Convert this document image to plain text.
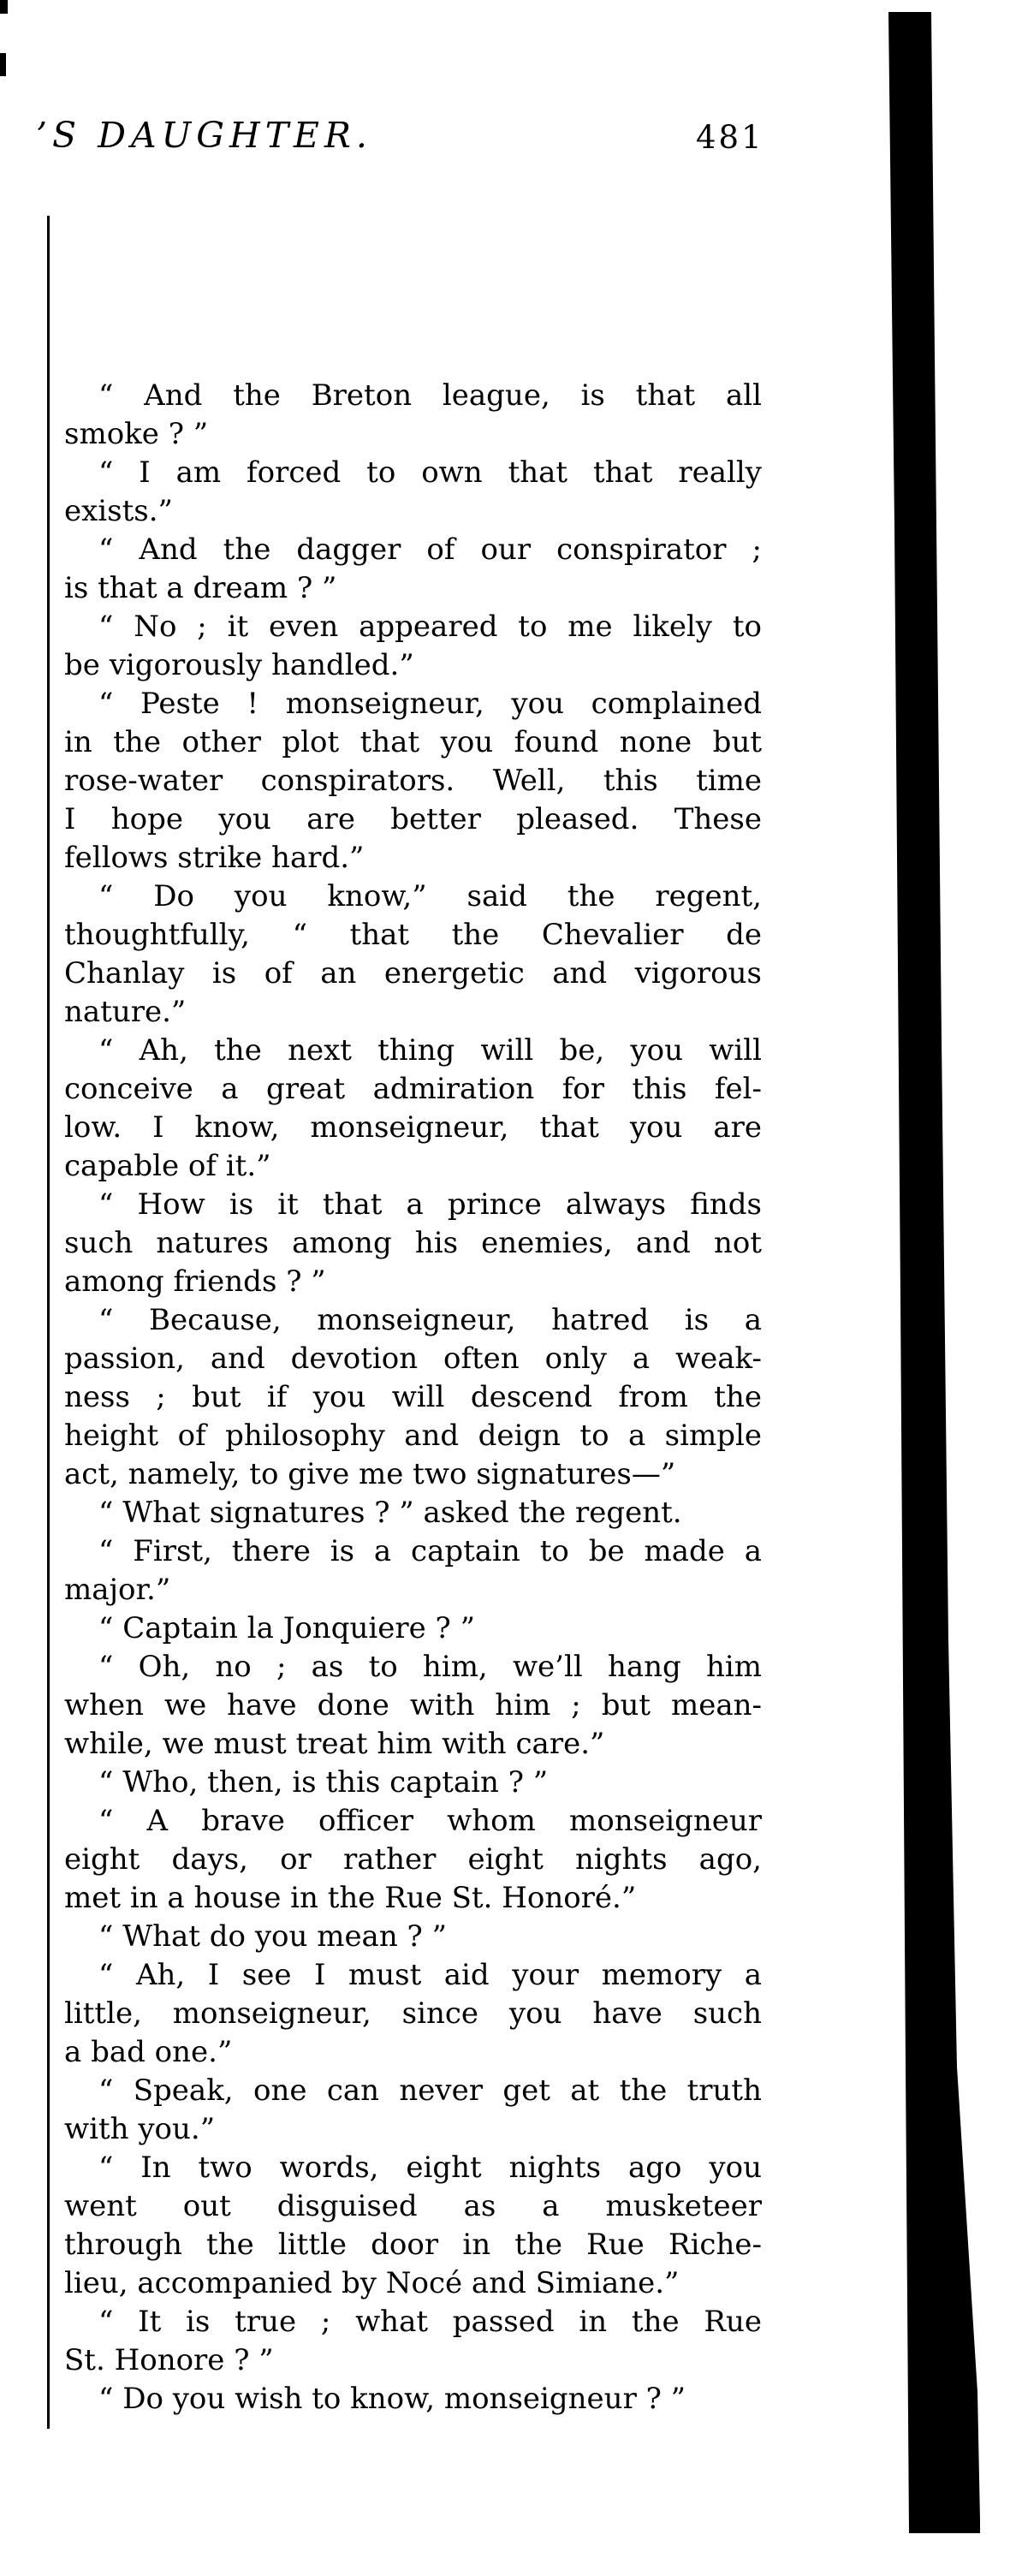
’S DAUGHTER.	481
“ And the Breton league, is that all
smoke ? ”
“ I am forced to own that that really
exists.”
“ And the dagger of our conspirator ;
is that a dream ? ”
“ No ; it even appeared to me likely to
be vigorously handled.”
“ Peste ! monseigneur, you complained
in the other plot that you found none but
rose-water conspirators. Well, this time
I hope you are better pleased. These
fellows strike hard.”
“ Do you know,” said the regent,
thoughtfully, “ that the Chevalier de
Chanlay is of an energetic and vigorous
nature.”
“ Ah, the next thing will be, you will
conceive a great admiration for this fel-
low. I know, monseigneur, that you are
capable of it.”
“ How is it that a prince always finds
such natures among his enemies, and not
among friends ? ”
“ Because, monseigneur, hatred is a
passion, and devotion often only a weak-
ness ; but if you will descend from the
height of philosophy and deign to a simple
act, namely, to give me two signatures—”
“ What signatures ? ” asked the regent.
“ First, there is a captain to be made a
major.”
“ Captain la Jonquiere ? ”
“ Oh, no ; as to him, we’ll hang him
when we have done with him ; but mean-
while, we must treat him with care.”
“ Who, then, is this captain ? ”
“ A brave officer whom monseigneur
eight days, or rather eight nights ago,
met in a house in the Rue St. Honoré.”
“ What do you mean ? ”
“ Ah, I see I must aid your memory a
little, monseigneur, since you have such
a bad one.”
“ Speak, one can never get at the truth
with you.”
“ In two words, eight nights ago you
went out disguised as a musketeer
through the little door in the Rue Riche-
lieu, accompanied by Nocé and Simiane.”
“ It is true ; what passed in the Rue
St. Honore ? ”
“ Do you wish to know, monseigneur ? ”
